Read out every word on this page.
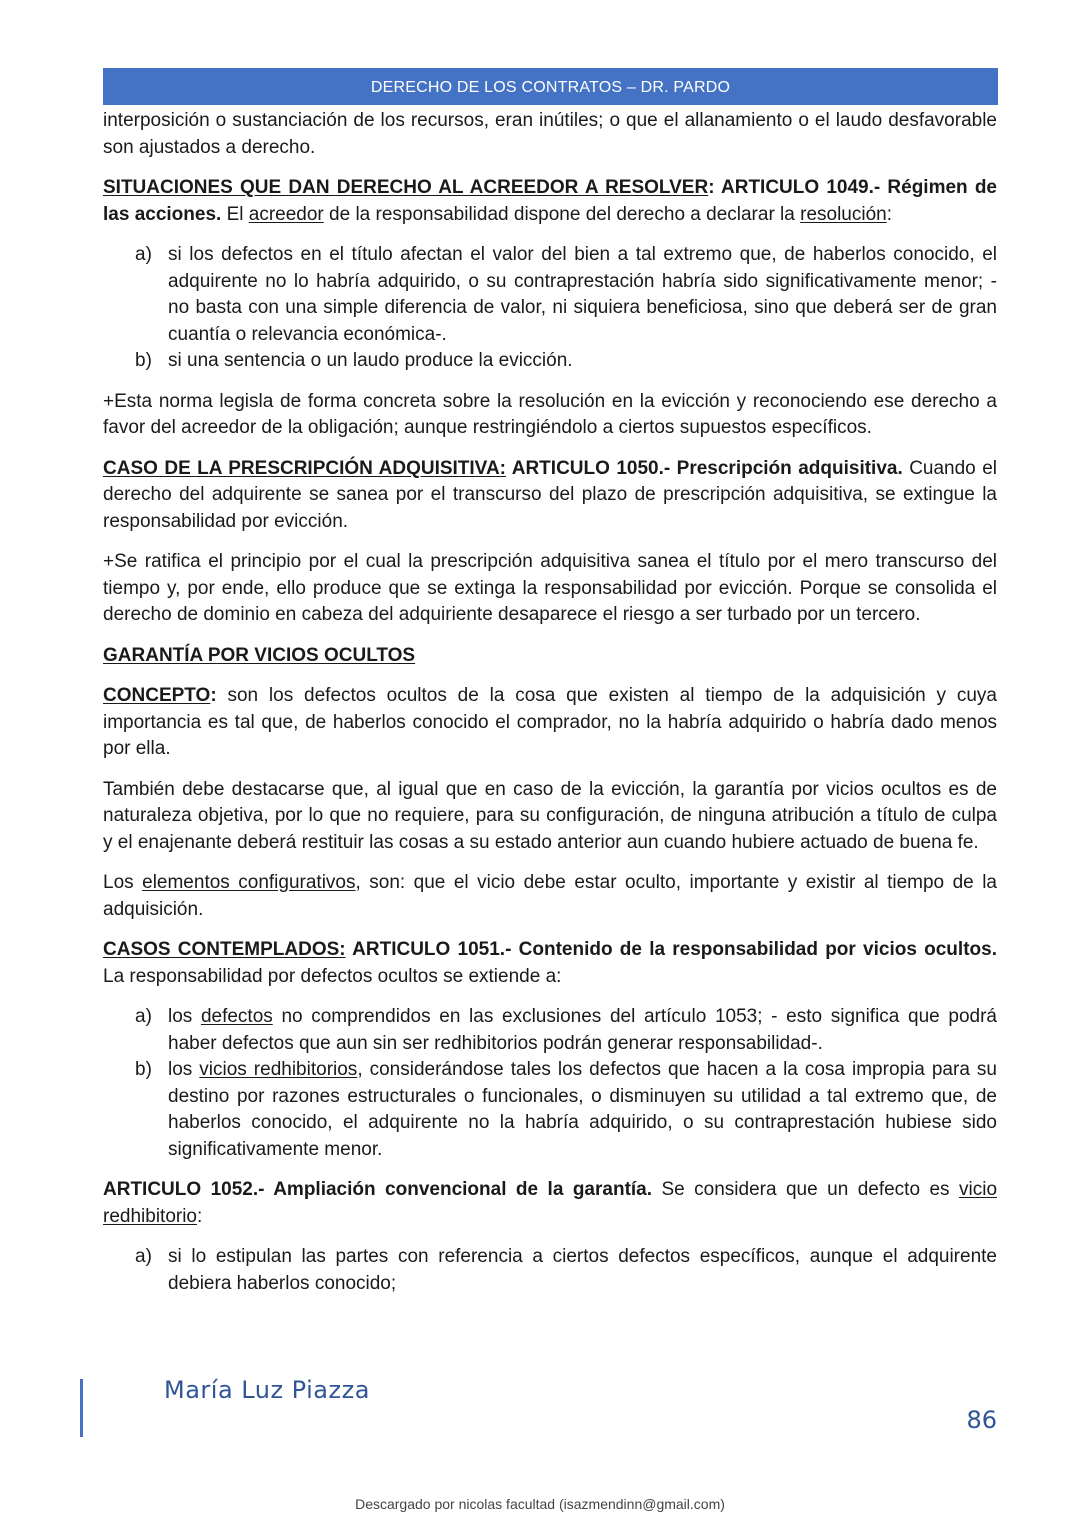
DERECHO DE LOS CONTRATOS – DR. PARDO

interposición o sustanciación de los recursos, eran inútiles; o que el allanamiento o el laudo desfavorable son ajustados a derecho.

SITUACIONES QUE DAN DERECHO AL ACREEDOR A RESOLVER: ARTICULO 1049.- Régimen de las acciones. El acreedor de la responsabilidad dispone del derecho a declarar la resolución:

a) si los defectos en el título afectan el valor del bien a tal extremo que, de haberlos conocido, el adquirente no lo habría adquirido, o su contraprestación habría sido significativamente menor; - no basta con una simple diferencia de valor, ni siquiera beneficiosa, sino que deberá ser de gran cuantía o relevancia económica-.
b) si una sentencia o un laudo produce la evicción.

+Esta norma legisla de forma concreta sobre la resolución en la evicción y reconociendo ese derecho a favor del acreedor de la obligación; aunque restringiéndolo a ciertos supuestos específicos.

CASO DE LA PRESCRIPCIÓN ADQUISITIVA: ARTICULO 1050.- Prescripción adquisitiva. Cuando el derecho del adquirente se sanea por el transcurso del plazo de prescripción adquisitiva, se extingue la responsabilidad por evicción.

+Se ratifica el principio por el cual la prescripción adquisitiva sanea el título por el mero transcurso del tiempo y, por ende, ello produce que se extinga la responsabilidad por evicción. Porque se consolida el derecho de dominio en cabeza del adquiriente desaparece el riesgo a ser turbado por un tercero.

GARANTÍA POR VICIOS OCULTOS

CONCEPTO: son los defectos ocultos de la cosa que existen al tiempo de la adquisición y cuya importancia es tal que, de haberlos conocido el comprador, no la habría adquirido o habría dado menos por ella.

También debe destacarse que, al igual que en caso de la evicción, la garantía por vicios ocultos es de naturaleza objetiva, por lo que no requiere, para su configuración, de ninguna atribución a título de culpa y el enajenante deberá restituir las cosas a su estado anterior aun cuando hubiere actuado de buena fe.

Los elementos configurativos, son: que el vicio debe estar oculto, importante y existir al tiempo de la adquisición.

CASOS CONTEMPLADOS: ARTICULO 1051.- Contenido de la responsabilidad por vicios ocultos. La responsabilidad por defectos ocultos se extiende a:

a) los defectos no comprendidos en las exclusiones del artículo 1053; - esto significa que podrá haber defectos que aun sin ser redhibitorios podrán generar responsabilidad-.
b) los vicios redhibitorios, considerándose tales los defectos que hacen a la cosa impropia para su destino por razones estructurales o funcionales, o disminuyen su utilidad a tal extremo que, de haberlos conocido, el adquirente no la habría adquirido, o su contraprestación hubiese sido significativamente menor.

ARTICULO 1052.- Ampliación convencional de la garantía. Se considera que un defecto es vicio redhibitorio:

a) si lo estipulan las partes con referencia a ciertos defectos específicos, aunque el adquirente debiera haberlos conocido;
María Luz Piazza
86
Descargado por nicolas facultad (isazmendinn@gmail.com)
